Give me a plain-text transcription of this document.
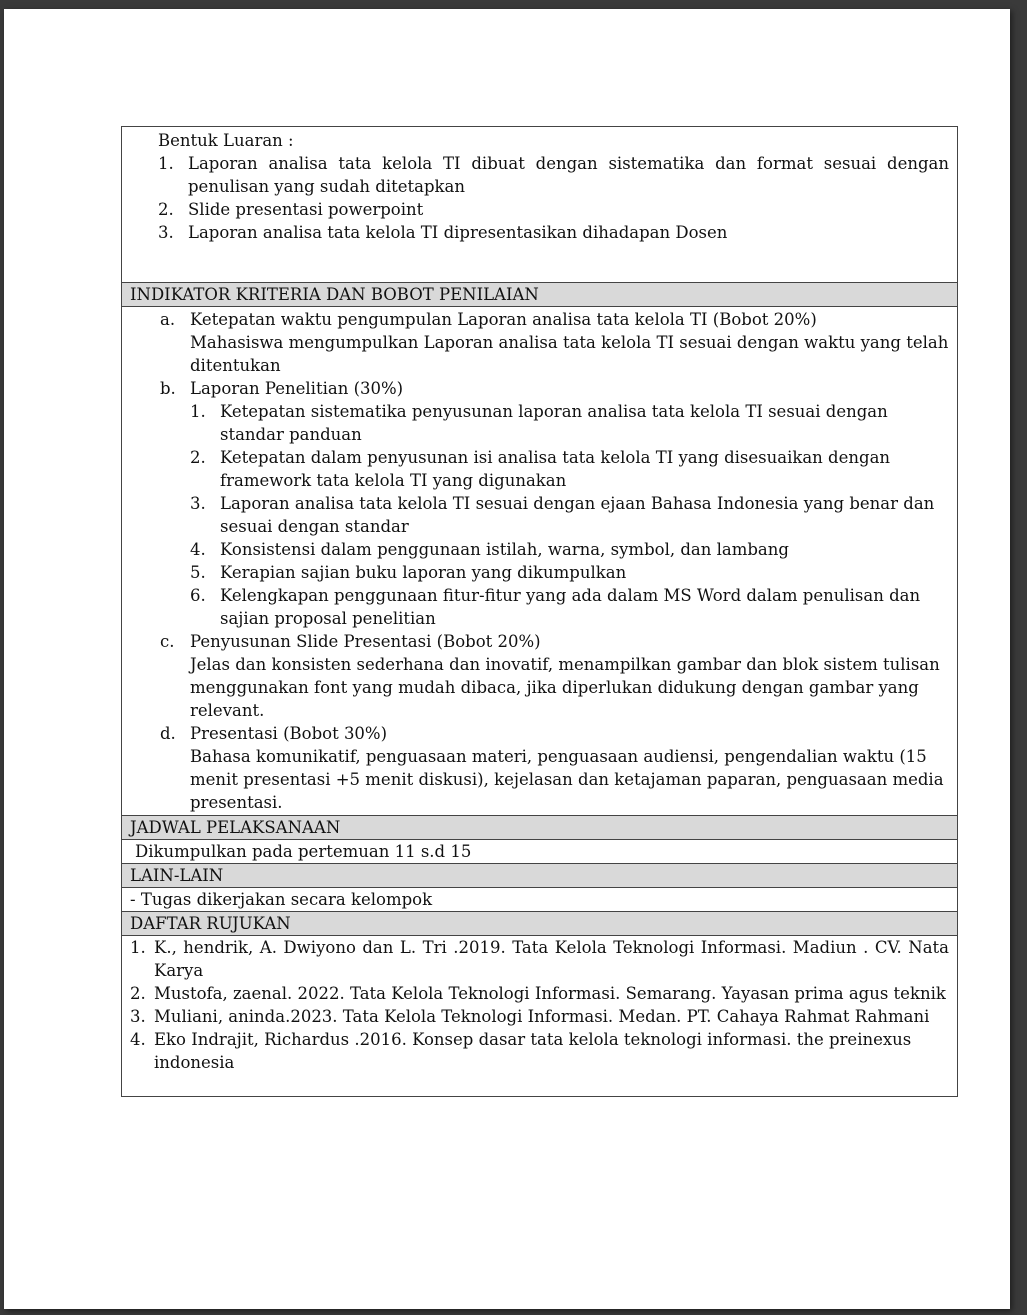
Bentuk Luaran :
1. Laporan analisa tata kelola TI dibuat dengan sistematika dan format sesuai dengan penulisan yang sudah ditetapkan
2. Slide presentasi powerpoint
3. Laporan analisa tata kelola TI dipresentasikan dihadapan Dosen
INDIKATOR KRITERIA DAN BOBOT PENILAIAN
a. Ketepatan waktu pengumpulan Laporan analisa tata kelola TI (Bobot 20%)
Mahasiswa mengumpulkan Laporan analisa tata kelola TI sesuai dengan waktu yang telah ditentukan
b. Laporan Penelitian (30%)
1. Ketepatan sistematika penyusunan laporan analisa tata kelola TI sesuai dengan standar panduan
2. Ketepatan dalam penyusunan isi analisa tata kelola TI yang disesuaikan dengan framework tata kelola TI yang digunakan
3. Laporan analisa tata kelola TI sesuai dengan ejaan Bahasa Indonesia yang benar dan sesuai dengan standar
4. Konsistensi dalam penggunaan istilah, warna, symbol, dan lambang
5. Kerapian sajian buku laporan yang dikumpulkan
6. Kelengkapan penggunaan fitur-fitur yang ada dalam MS Word dalam penulisan dan sajian proposal penelitian
c. Penyusunan Slide Presentasi (Bobot 20%)
Jelas dan konsisten sederhana dan inovatif, menampilkan gambar dan blok sistem tulisan menggunakan font yang mudah dibaca, jika diperlukan didukung dengan gambar yang relevant.
d. Presentasi (Bobot 30%)
Bahasa komunikatif, penguasaan materi, penguasaan audiensi, pengendalian waktu (15 menit presentasi +5 menit diskusi), kejelasan dan ketajaman paparan, penguasaan media presentasi.
JADWAL PELAKSANAAN
Dikumpulkan pada pertemuan 11 s.d 15
LAIN-LAIN
- Tugas dikerjakan secara kelompok
DAFTAR RUJUKAN
1. K., hendrik, A. Dwiyono dan L. Tri .2019. Tata Kelola Teknologi Informasi. Madiun . CV. Nata Karya
2. Mustofa, zaenal. 2022. Tata Kelola Teknologi Informasi. Semarang. Yayasan prima agus teknik
3. Muliani, aninda.2023. Tata Kelola Teknologi Informasi. Medan. PT. Cahaya Rahmat Rahmani
4. Eko Indrajit, Richardus .2016. Konsep dasar tata kelola teknologi informasi. the preinexus indonesia
